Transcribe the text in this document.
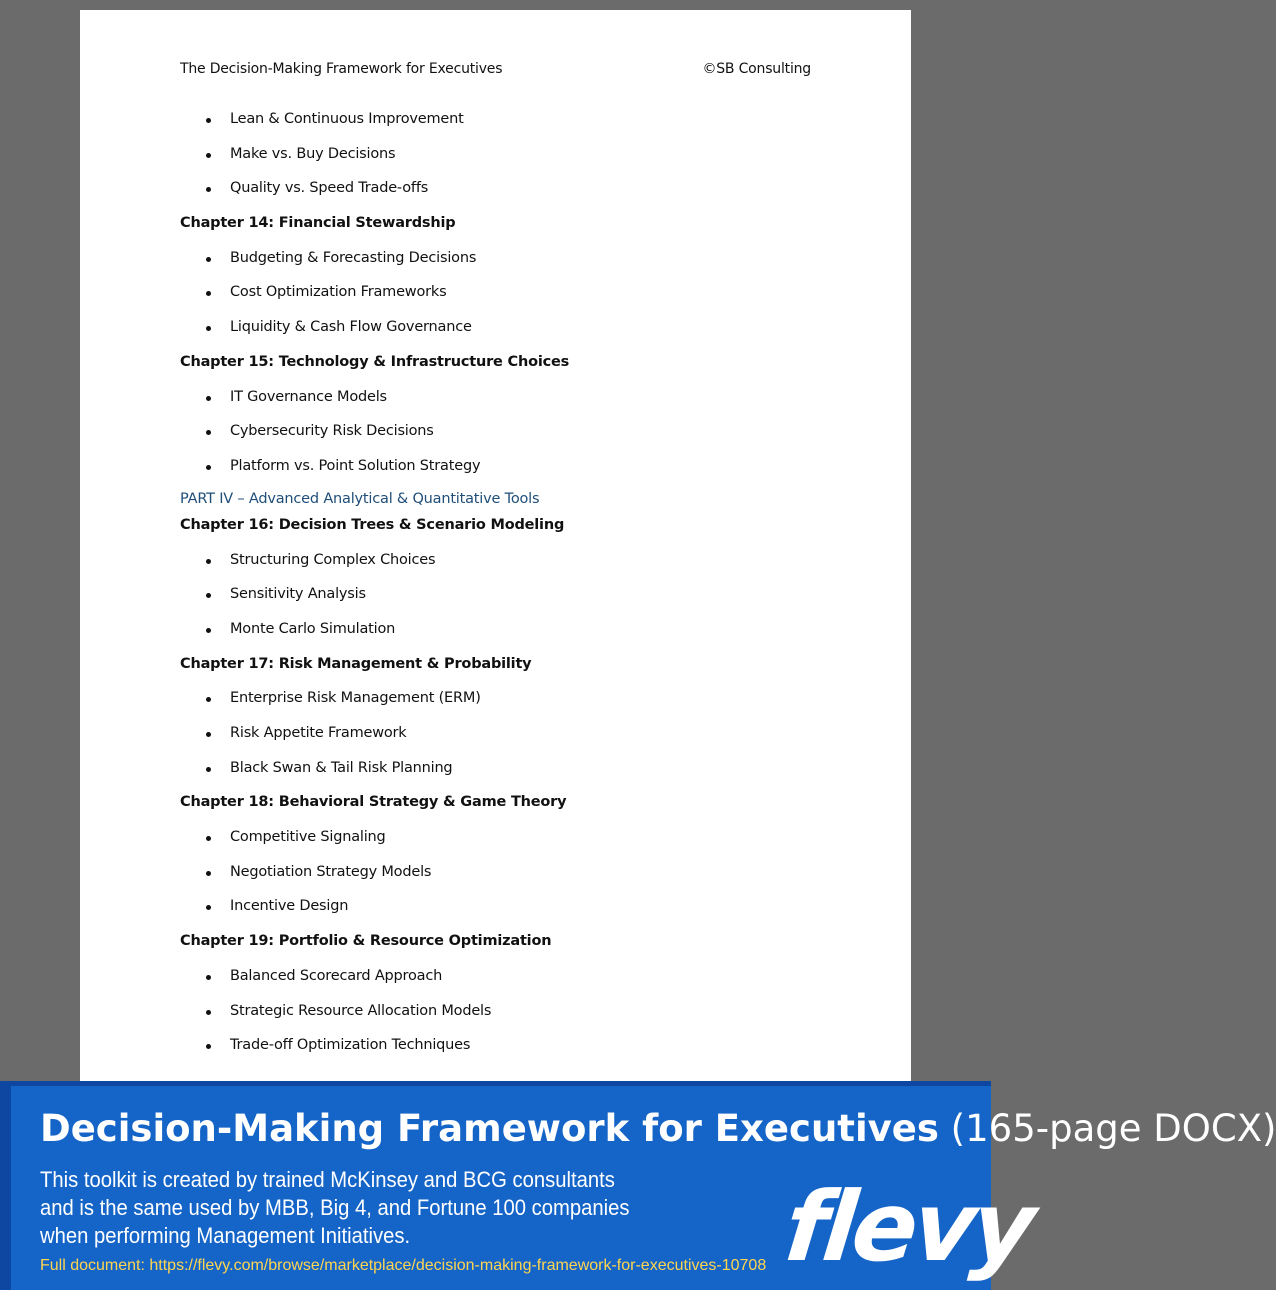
The Decision-Making Framework for Executives	©SB Consulting
Lean & Continuous Improvement
Make vs. Buy Decisions
Quality vs. Speed Trade-offs
Chapter 14: Financial Stewardship
Budgeting & Forecasting Decisions
Cost Optimization Frameworks
Liquidity & Cash Flow Governance
Chapter 15: Technology & Infrastructure Choices
IT Governance Models
Cybersecurity Risk Decisions
Platform vs. Point Solution Strategy
PART IV – Advanced Analytical & Quantitative Tools
Chapter 16: Decision Trees & Scenario Modeling
Structuring Complex Choices
Sensitivity Analysis
Monte Carlo Simulation
Chapter 17: Risk Management & Probability
Enterprise Risk Management (ERM)
Risk Appetite Framework
Black Swan & Tail Risk Planning
Chapter 18: Behavioral Strategy & Game Theory
Competitive Signaling
Negotiation Strategy Models
Incentive Design
Chapter 19: Portfolio & Resource Optimization
Balanced Scorecard Approach
Strategic Resource Allocation Models
Trade-off Optimization Techniques
Decision-Making Framework for Executives (165-page DOCX)
This toolkit is created by trained McKinsey and BCG consultants and is the same used by MBB, Big 4, and Fortune 100 companies when performing Management Initiatives.
Full document: https://flevy.com/browse/marketplace/decision-making-framework-for-executives-10708 flevy
